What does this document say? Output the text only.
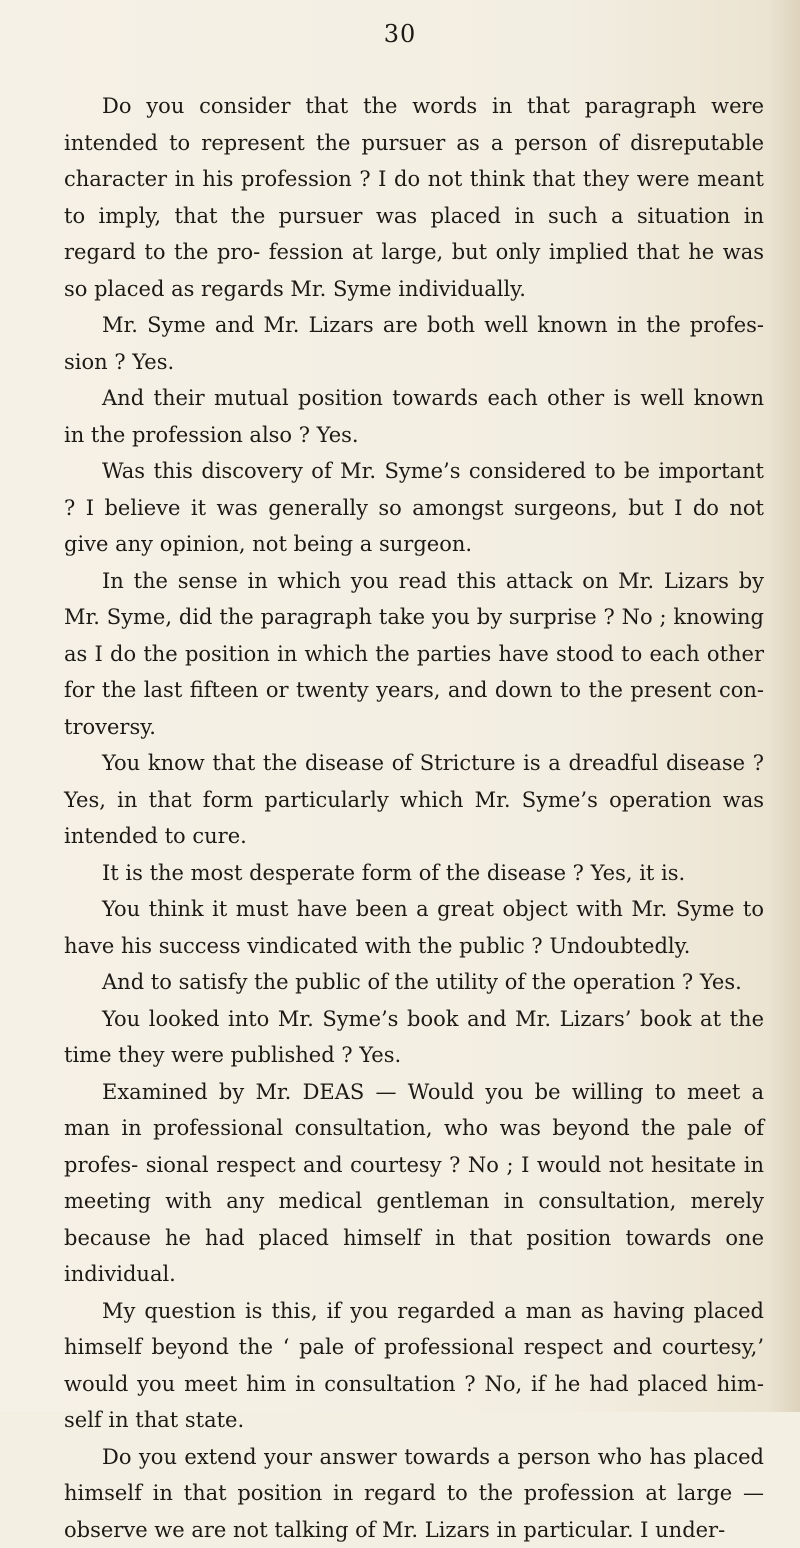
30

Do you consider that the words in that paragraph were intended to represent the pursuer as a person of disreputable character in his profession ? I do not think that they were meant to imply, that the pursuer was placed in such a situation in regard to the pro- fession at large, but only implied that he was so placed as regards Mr. Syme individually.

Mr. Syme and Mr. Lizars are both well known in the profes- sion ? Yes.

And their mutual position towards each other is well known in the profession also ? Yes.

Was this discovery of Mr. Syme’s considered to be important ? I believe it was generally so amongst surgeons, but I do not give any opinion, not being a surgeon.

In the sense in which you read this attack on Mr. Lizars by Mr. Syme, did the paragraph take you by surprise ? No ; knowing as I do the position in which the parties have stood to each other for the last fifteen or twenty years, and down to the present con- troversy.

You know that the disease of Stricture is a dreadful disease ? Yes, in that form particularly which Mr. Syme’s operation was intended to cure.

It is the most desperate form of the disease ? Yes, it is.

You think it must have been a great object with Mr. Syme to have his success vindicated with the public ? Undoubtedly.

And to satisfy the public of the utility of the operation ? Yes.

You looked into Mr. Syme’s book and Mr. Lizars’ book at the time they were published ? Yes.

Examined by Mr. DEAS — Would you be willing to meet a man in professional consultation, who was beyond the pale of profes- sional respect and courtesy ? No ; I would not hesitate in meeting with any medical gentleman in consultation, merely because he had placed himself in that position towards one individual.

My question is this, if you regarded a man as having placed himself beyond the ‘ pale of professional respect and courtesy,’ would you meet him in consultation ? No, if he had placed him- self in that state.

Do you extend your answer towards a person who has placed himself in that position in regard to the profession at large — observe we are not talking of Mr. Lizars in particular. I under-
